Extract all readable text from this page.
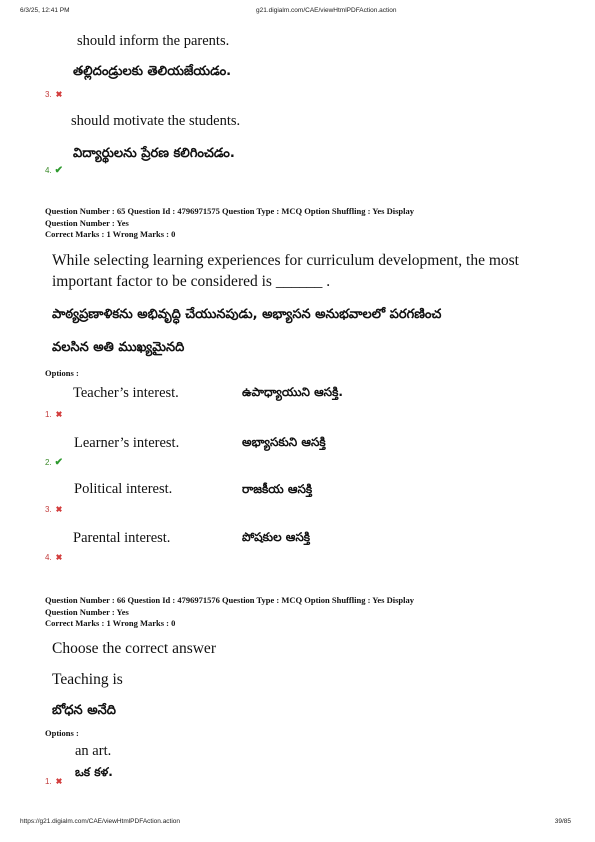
6/3/25, 12:41 PM	g21.digialm.com/CAE/viewHtmlPDFAction.action
should inform the parents.
తల్లిదండ్రులకు తెలియజేయడం.
3. ✖
should motivate the students.
విద్యార్థులను ప్రేరణ కలిగించడం.
4. ✔
Question Number : 65 Question Id : 4796971575 Question Type : MCQ Option Shuffling : Yes Display
Question Number : Yes
Correct Marks : 1 Wrong Marks : 0
While selecting learning experiences for curriculum development, the most important factor to be considered is ______ .
పాఠ్యప్రణాళికను అభివృద్ధి చేయునపుడు, అభ్యాసన అనుభవాలలో పరగణించ
వలసిన అతి ముఖ్యమైనది
Options :
Teacher’s interest.	ఉపాధ్యాయుని ఆసక్తి.
1. ✖
Learner’s interest.	అభ్యాసకుని ఆసక్తి
2. ✔
Political interest.	రాజకీయ ఆసక్తి
3. ✖
Parental interest.	పోషకుల ఆసక్తి
4. ✖
Question Number : 66 Question Id : 4796971576 Question Type : MCQ Option Shuffling : Yes Display
Question Number : Yes
Correct Marks : 1 Wrong Marks : 0
Choose the correct answer
Teaching is
బోధన అనేది
Options :
an art.
ఒక కళ.
1. ✖
https://g21.digialm.com/CAE/viewHtmlPDFAction.action	39/85
